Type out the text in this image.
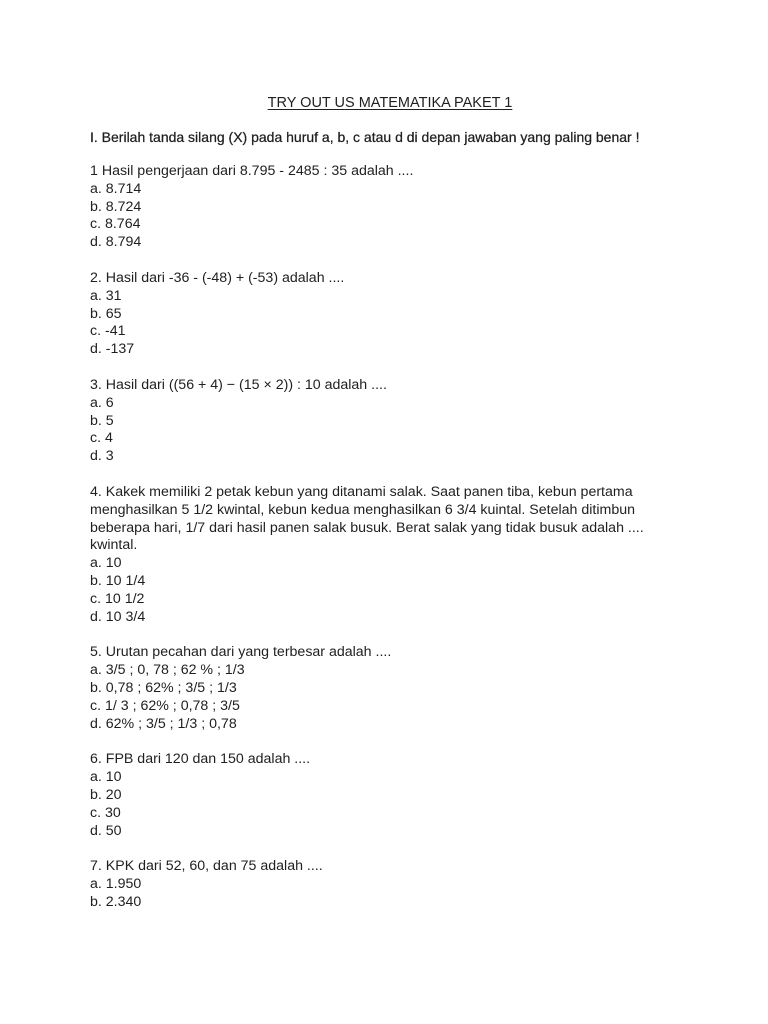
TRY OUT US MATEMATIKA PAKET 1
I. Berilah tanda silang (X) pada huruf a, b, c atau d di depan jawaban yang paling benar !
1 Hasil pengerjaan dari 8.795 - 2485 : 35 adalah ....
a. 8.714
b. 8.724
c. 8.764
d. 8.794
2. Hasil dari -36 - (-48) + (-53) adalah ....
a. 31
b. 65
c. -41
d. -137
3. Hasil dari ((56 + 4) − (15 × 2)) : 10 adalah ....
a. 6
b. 5
c. 4
d. 3
4. Kakek memiliki 2 petak kebun yang ditanami salak. Saat panen tiba, kebun pertama menghasilkan 5 1/2 kwintal, kebun kedua menghasilkan 6 3/4 kuintal. Setelah ditimbun beberapa hari, 1/7 dari hasil panen salak busuk. Berat salak yang tidak busuk adalah .... kwintal.
a. 10
b. 10 1/4
c. 10 1/2
d. 10 3/4
5. Urutan pecahan dari yang terbesar adalah ....
a. 3/5 ; 0, 78 ; 62 % ; 1/3
b. 0,78 ; 62% ; 3/5 ; 1/3
c. 1/ 3 ; 62% ; 0,78 ; 3/5
d. 62% ; 3/5 ; 1/3 ; 0,78
6. FPB dari 120 dan 150 adalah ....
a. 10
b. 20
c. 30
d. 50
7. KPK dari 52, 60, dan 75 adalah ....
a. 1.950
b. 2.340
